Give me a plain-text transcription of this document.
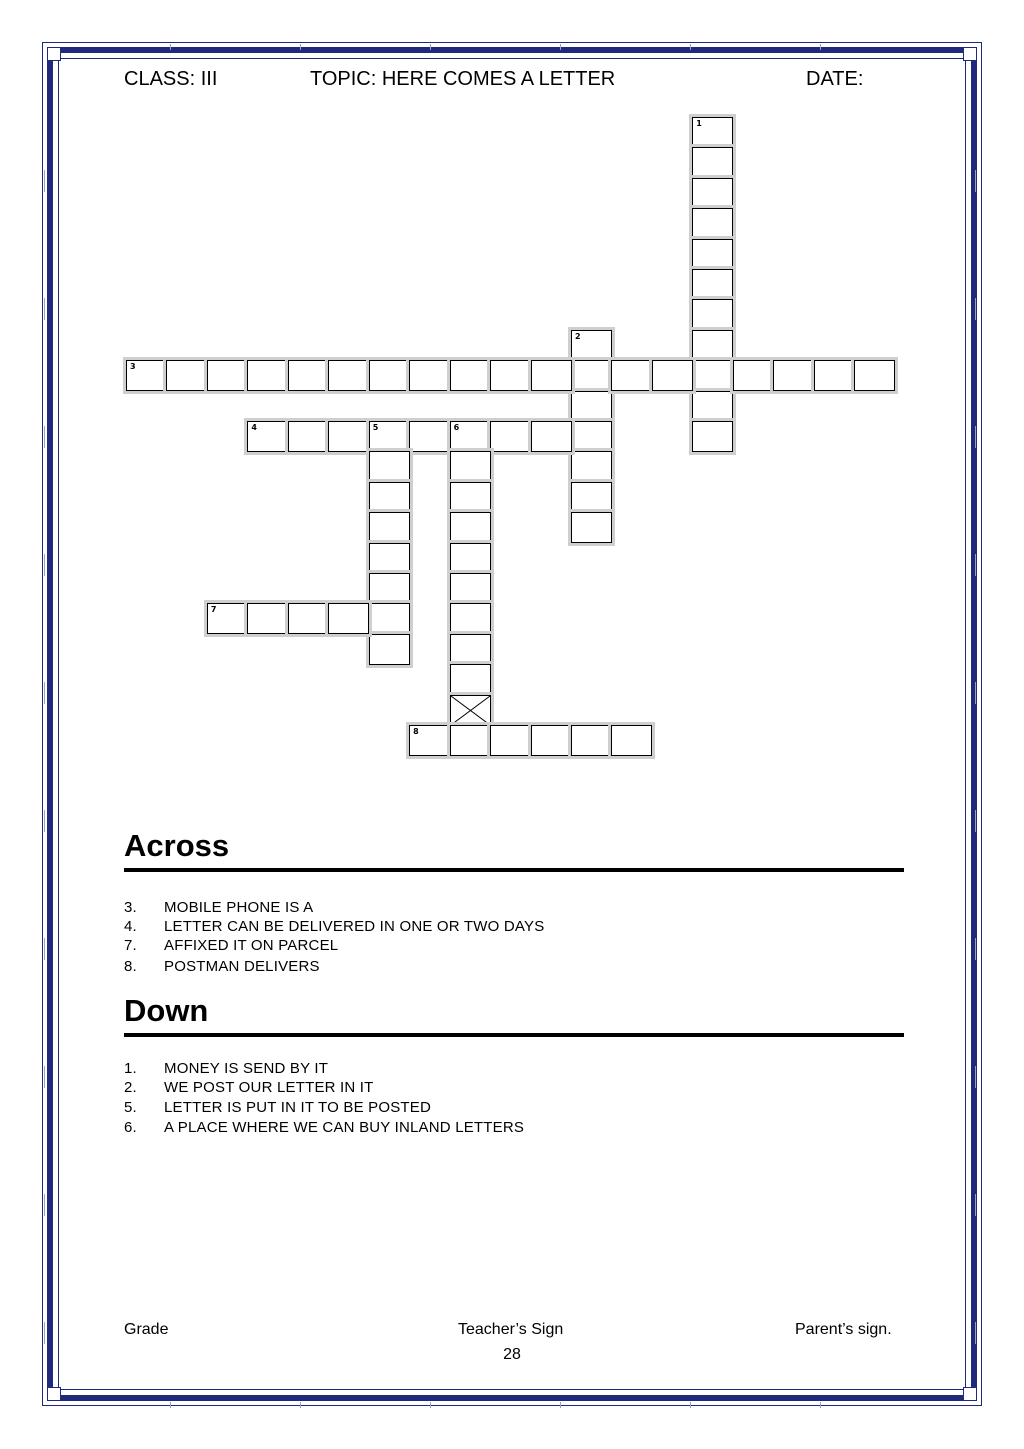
CLASS: III	TOPIC: HERE COMES A LETTER	DATE:
1
2
3
4	5	6
7
8
Across
3. MOBILE PHONE IS A
4. LETTER CAN BE DELIVERED IN ONE OR TWO DAYS
7. AFFIXED IT ON PARCEL
8. POSTMAN DELIVERS
Down
1. MONEY IS SEND BY IT
2. WE POST OUR LETTER IN IT
5. LETTER IS PUT IN IT TO BE POSTED
6. A PLACE WHERE WE CAN BUY INLAND LETTERS
Grade	Teacher’s Sign	Parent’s sign.
28
